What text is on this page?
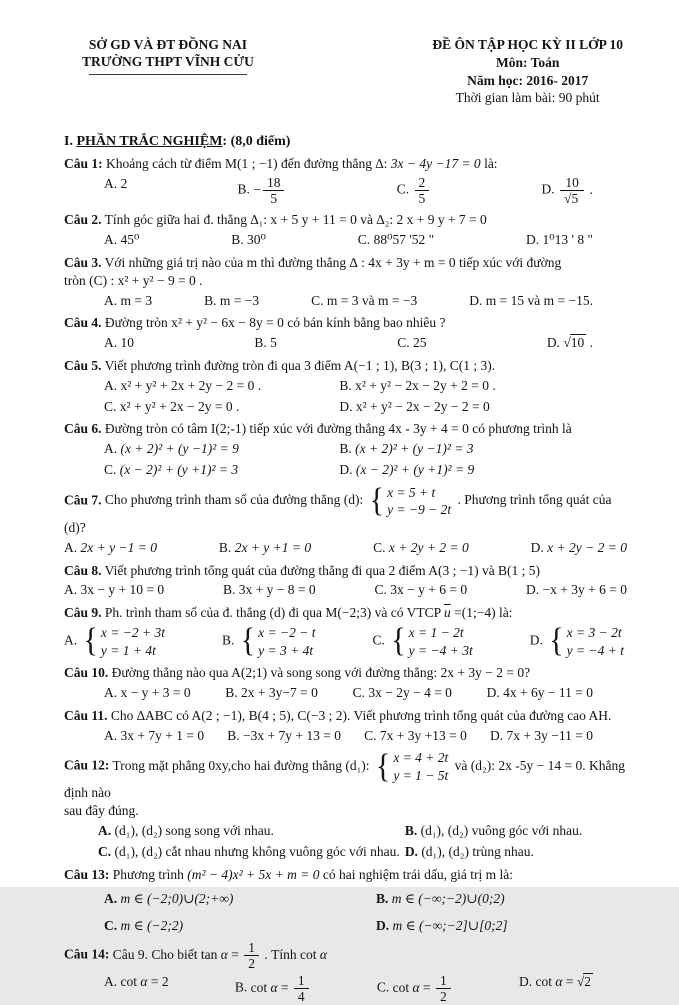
SỞ GD VÀ ĐT ĐỒNG NAI
TRƯỜNG THPT VĨNH CỬU
ĐỀ ÔN TẬP HỌC KỲ II LỚP 10
Môn: Toán
Năm học: 2016- 2017
Thời gian làm bài: 90 phút
I. PHẦN TRẮC NGHIỆM: (8,0 điểm)
Câu 1: Khoảng cách từ điểm M(1 ; −1) đến đường thẳng ∆: 3x − 4y −17 = 0 là:
A. 2	B. − $\frac{18}{5}$	C. $\frac{2}{5}$	D. $\frac{10}{√5}$ .
Câu 2. Tính góc giữa hai đ. thẳng ∆₁: x + 5 y + 11 = 0 và ∆₂: 2 x + 9 y + 7 = 0
A. 45⁰	B. 30⁰	C. 88⁰57 '52 "	D. 1⁰13 ' 8 "
Câu 3. Với những giá trị nào của m thì đường thẳng ∆ : 4x + 3y + m = 0 tiếp xúc với đường
tròn (C) : x² + y² − 9 = 0 .
A. m = 3	B. m = −3	C. m = 3 và m = −3	D. m = 15 và m = −15.
Câu 4. Đường tròn x² + y² − 6x − 8y = 0 có bán kính bằng bao nhiêu ?
A. 10	B. 5	C. 25	D. √10 .
Câu 5. Viết phương trình đường tròn đi qua 3 điểm A(−1 ; 1), B(3 ; 1), C(1 ; 3).
A. x² + y² + 2x + 2y − 2 = 0 .	B. x² + y² − 2x − 2y + 2 = 0 .
C. x² + y² + 2x − 2y = 0 .	D. x² + y² − 2x − 2y − 2 = 0
Câu 6. Đường tròn có tâm I(2;-1) tiếp xúc với đường thẳng 4x - 3y + 4 = 0 có phương trình là
A. (x + 2)² + (y −1)² = 9	B. (x + 2)² + (y −1)² = 3
C. (x − 2)² + (y +1)² = 3	D. (x − 2)² + (y +1)² = 9
Câu 7. Cho phương trình tham số của đường thẳng (d): { x = 5 + t
y = −9 − 2t
. Phương trình tổng quát của (d)?
A. 2x + y −1 = 0	B. 2x + y +1 = 0	C. x + 2y + 2 = 0	D. x + 2y − 2 = 0
Câu 8. Viết phương trình tổng quát của đường thẳng đi qua 2 điểm A(3 ; −1) và B(1 ; 5)
A. 3x − y + 10 = 0	B. 3x + y − 8 = 0	C. 3x − y + 6 = 0	D. −x + 3y + 6 = 0
Câu 9. Ph. trình tham số của đ. thẳng (d) đi qua M(−2;3) và có VTCP $\overline{u}$ =(1;−4) là:
A. { x = −2 + 3t
y = 1 + 4t
B. { x = −2 − t
y = 3 + 4t
C. { x = 1 − 2t
y = −4 + 3t
D. { x = 3 − 2t
y = −4 + t
Câu 10. Đường thẳng nào qua A(2;1) và song song với đường thẳng: 2x + 3y − 2 = 0?
A. x − y + 3 = 0	B. 2x + 3y−7 = 0	C. 3x − 2y − 4 = 0	D. 4x + 6y − 11 = 0
Câu 11. Cho ∆ABC có A(2 ; −1), B(4 ; 5), C(−3 ; 2). Viết phương trình tổng quát của đường cao AH.
A. 3x + 7y + 1 = 0 B. −3x + 7y + 13 = 0 C. 7x + 3y +13 = 0 D. 7x + 3y −11 = 0
Câu 12: Trong mặt phẳng 0xy,cho hai đường thẳng (d₁): { x = 4 + 2t
y = 1 − 5t
và (d₂): 2x -5y − 14 = 0. Khẳng định nào
sau đây đúng.
A. (d₁), (d₂) song song với nhau.	B. (d₁), (d₂) vuông góc với nhau.
C. (d₁), (d₂) cắt nhau nhưng không vuông góc với nhau. D. (d₁), (d₂) trùng nhau.
Câu 13: Phương trình (m² − 4)x² + 5x + m = 0 có hai nghiệm trái dấu, giá trị m là:
A. m ∈ (−2;0)∪(2;+∞)	B. m ∈ (−∞;−2)∪(0;2)
C. m ∈ (−2;2)	D. m ∈ (−∞;−2]∪[0;2]
Câu 14: Câu 9. Cho biết $\tan \alpha = \frac{1}{2}$ . Tính cot α
A. cot α = 2	B. $\cot \alpha = \frac{1}{4}$	C. $\cot \alpha = \frac{1}{2}$	D. cot α = √2
